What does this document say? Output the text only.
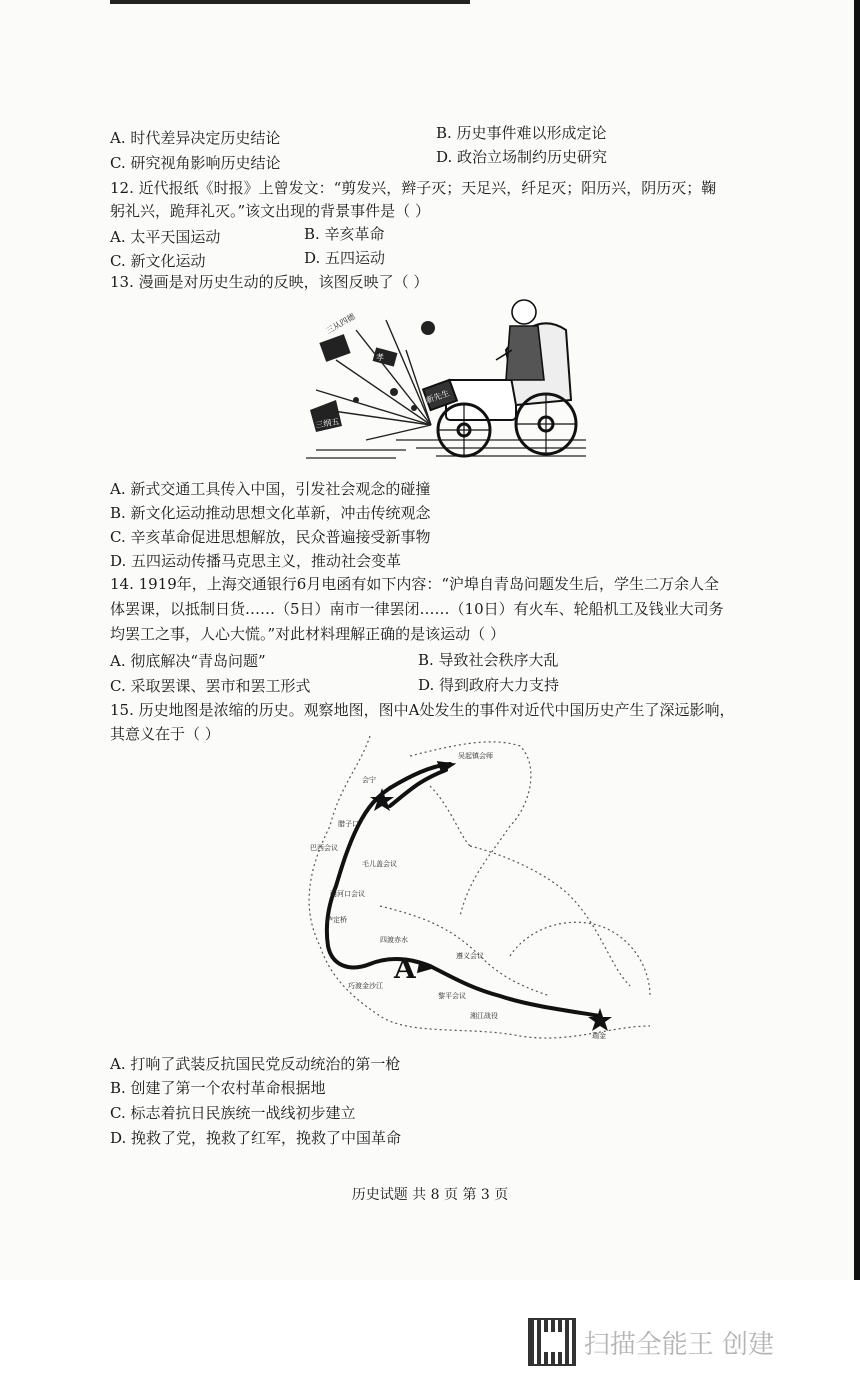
A. 时代差异决定历史结论	B. 历史事件难以形成定论
C. 研究视角影响历史结论	D. 政治立场制约历史研究
12. 近代报纸《时报》上曾发文：“剪发兴，辫子灭；天足兴，纤足灭；阳历兴，阴历灭；鞠
躬礼兴，跪拜礼灭。”该文出现的背景事件是（ ）
A. 太平天国运动	B. 辛亥革命
C. 新文化运动	D. 五四运动
13. 漫画是对历史生动的反映，该图反映了（ ）
三从四德
孝
三纲五
新先生
A. 新式交通工具传入中国，引发社会观念的碰撞
B. 新文化运动推动思想文化革新，冲击传统观念
C. 辛亥革命促进思想解放，民众普遍接受新事物
D. 五四运动传播马克思主义，推动社会变革
14. 1919年，上海交通银行6月电函有如下内容：“沪埠自青岛问题发生后，学生二万余人全
体罢课，以抵制日货……（5日）南市一律罢闭……（10日）有火车、轮船机工及钱业大司务
均罢工之事，人心大慌。”对此材料理解正确的是该运动（ ）
A. 彻底解决“青岛问题”	B. 导致社会秩序大乱
C. 采取罢课、罢市和罢工形式	D. 得到政府大力支持
15. 历史地图是浓缩的历史。观察地图，图中A处发生的事件对近代中国历史产生了深远影响，
其意义在于（ ）
A
吴起镇会师
会宁
腊子口
巴西会议
毛儿盖会议
两河口会议
泸定桥
遵义会议
四渡赤水
瑞金
湘江战役
黎平会议
巧渡金沙江
A. 打响了武装反抗国民党反动统治的第一枪
B. 创建了第一个农村革命根据地
C. 标志着抗日民族统一战线初步建立
D. 挽救了党，挽救了红军，挽救了中国革命
历史试题 共 8 页 第 3 页
扫描全能王 创建
